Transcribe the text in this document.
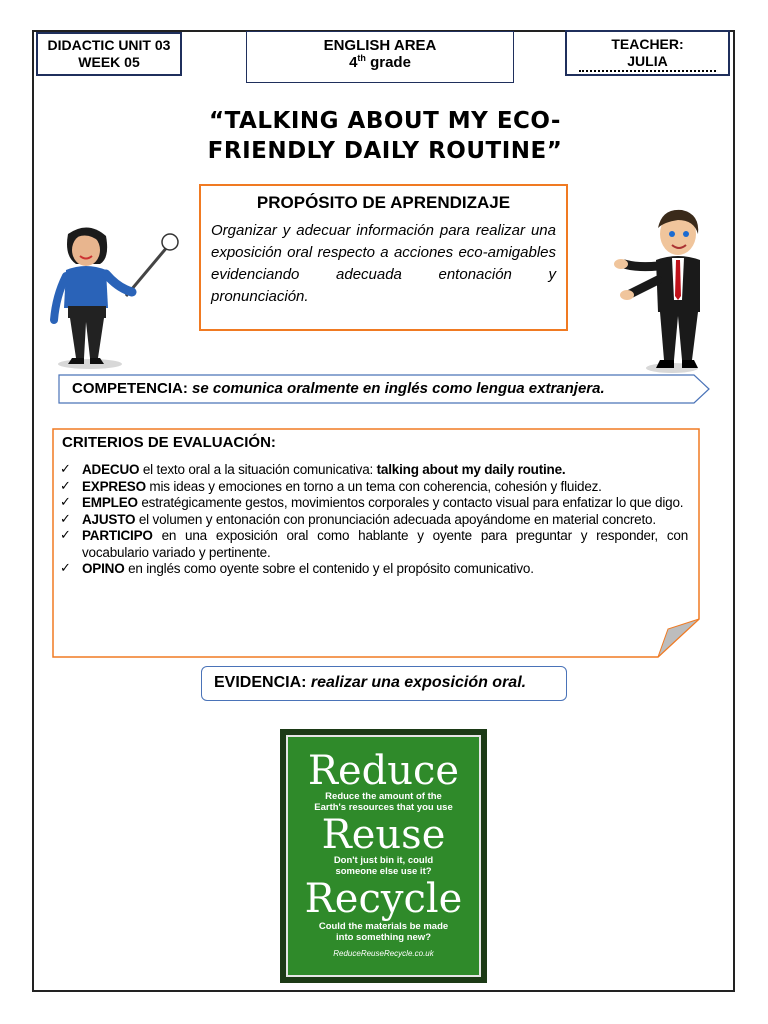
DIDACTIC UNIT 03
WEEK 05
ENGLISH AREA
4th grade
TEACHER:
JULIA
“TALKING ABOUT MY ECO-
FRIENDLY DAILY ROUTINE”
PROPÓSITO DE APRENDIZAJE
Organizar y adecuar información para realizar una exposición oral respecto a acciones eco-amigables evidenciando adecuada entonación y pronunciación.
COMPETENCIA: se comunica oralmente en inglés como lengua extranjera.
CRITERIOS DE EVALUACIÓN:
✓ ADECUO el texto oral a la situación comunicativa: talking about my daily routine.
✓ EXPRESO mis ideas y emociones en torno a un tema con coherencia, cohesión y fluidez.
✓ EMPLEO estratégicamente gestos, movimientos corporales y contacto visual para enfatizar lo que digo.
✓ AJUSTO el volumen y entonación con pronunciación adecuada apoyándome en material concreto.
✓ PARTICIPO en una exposición oral como hablante y oyente para preguntar y responder, con vocabulario variado y pertinente.
✓ OPINO en inglés como oyente sobre el contenido y el propósito comunicativo.
EVIDENCIA: realizar una exposición oral.
Reduce
Reduce the amount of the
Earth's resources that you use
Reuse
Don't just bin it, could
someone else use it?
Recycle
Could the materials be made
into something new?
ReduceReuseRecycle.co.uk
